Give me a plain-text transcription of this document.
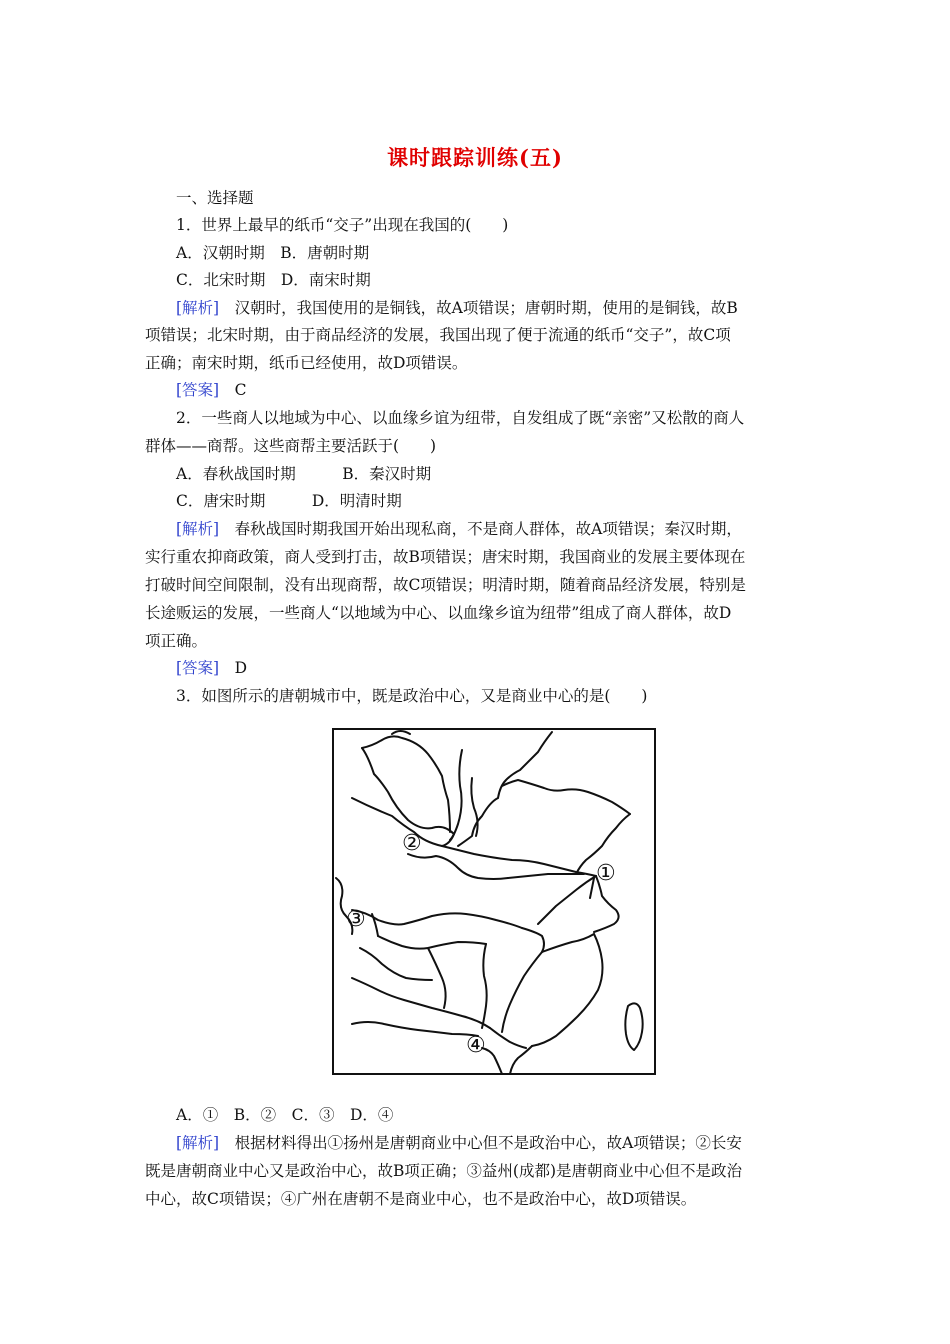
课时跟踪训练(五)
一、选择题
1．世界上最早的纸币“交子”出现在我国的(　　)
A．汉朝时期　B．唐朝时期
C．北宋时期　D．南宋时期
[解析]　 汉朝时，我国使用的是铜钱，故A项错误；唐朝时期，使用的是铜钱，故B
项错误；北宋时期，由于商品经济的发展，我国出现了便于流通的纸币“交子”，故C项
正确；南宋时期，纸币已经使用，故D项错误。
[答案]　 C
2．一些商人以地域为中心、以血缘乡谊为纽带，自发组成了既“亲密”又松散的商人
群体——商帮。这些商帮主要活跃于(　　)
A．春秋战国时期　　　B．秦汉时期
C．唐宋时期　　　D．明清时期
[解析]　 春秋战国时期我国开始出现私商，不是商人群体，故A项错误；秦汉时期，
实行重农抑商政策，商人受到打击，故B项错误；唐宋时期，我国商业的发展主要体现在
打破时间空间限制，没有出现商帮，故C项错误；明清时期，随着商品经济发展，特别是
长途贩运的发展，一些商人“以地域为中心、以血缘乡谊为纽带”组成了商人群体，故D
项正确。
[答案]　 D
3．如图所示的唐朝城市中，既是政治中心，又是商业中心的是(　　)
②
①
③
④
A．①　B．②　C．③　D．④
[解析]　 根据材料得出①扬州是唐朝商业中心但不是政治中心，故A项错误；②长安
既是唐朝商业中心又是政治中心，故B项正确；③益州(成都)是唐朝商业中心但不是政治
中心，故C项错误；④广州在唐朝不是商业中心，也不是政治中心，故D项错误。
